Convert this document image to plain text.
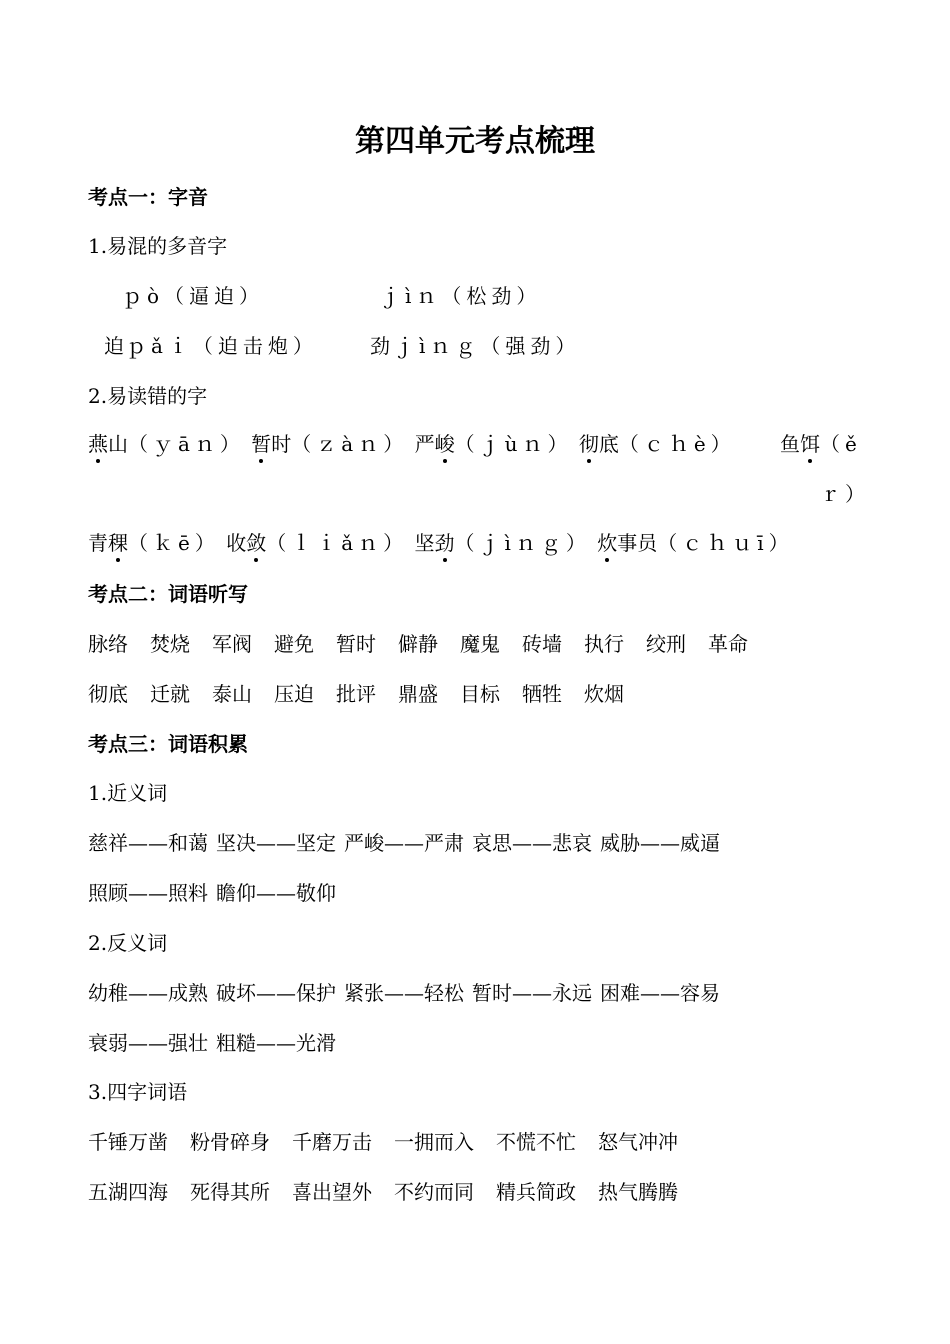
第四单元考点梳理
考点一：字音
1.易混的多音字
ｐò（逼迫）	ｊìｎ（松劲）
迫 ｐǎｉ（迫击炮）	劲 ｊìｎｇ（强劲）
2.易读错的字
燕山（ｙāｎ） 暂时（ｚàｎ） 严峻（ｊùｎ） 彻底（ｃｈè）	鱼饵（ěｒ）
青稞（ｋē） 收敛（ｌｉǎｎ） 坚劲（ｊìｎｇ） 炊事员（ｃｈｕī）
考点二：词语听写
脉络 焚烧 军阀 避免 暂时 僻静 魔鬼 砖墙 执行 绞刑 革命
彻底 迁就 泰山 压迫 批评 鼎盛 目标 牺牲 炊烟
考点三：词语积累
1.近义词
慈祥——和蔼 坚决——坚定 严峻——严肃 哀思——悲哀 威胁——威逼
照顾——照料 瞻仰——敬仰
2.反义词
幼稚——成熟 破坏——保护 紧张——轻松 暂时——永远 困难——容易
衰弱——强壮 粗糙——光滑
3.四字词语
千锤万凿 粉骨碎身 千磨万击 一拥而入 不慌不忙 怒气冲冲
五湖四海 死得其所 喜出望外 不约而同 精兵简政 热气腾腾
